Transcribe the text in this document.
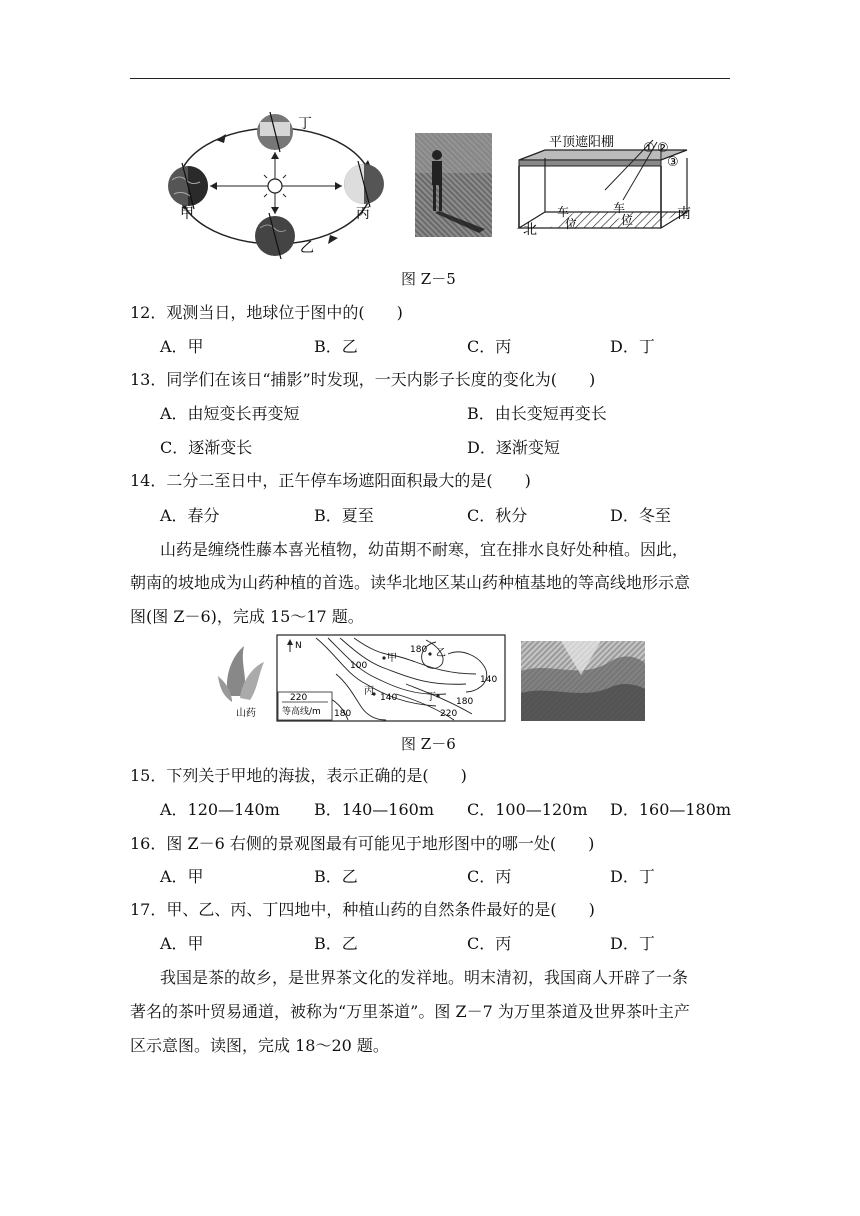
甲
乙
丙
丁
平顶遮阳棚 ① ②
③
南
北
车
位
车
位
图 Z－5
12．观测当日，地球位于图中的(　　)
A．甲	B．乙	C．丙	D．丁
13．同学们在该日“捕影”时发现，一天内影子长度的变化为(　　)
A．由短变长再变短	B．由长变短再变长
C．逐渐变长	D．逐渐变短
14．二分二至日中，正午停车场遮阳面积最大的是(　　)
A．春分	B．夏至	C．秋分	D．冬至
山药是缠绕性藤本喜光植物，幼苗期不耐寒，宜在排水良好处种植。因此，
朝南的坡地成为山药种植的首选。读华北地区某山药种植基地的等高线地形示意
图(图 Z－6)，完成 15～17 题。
山药
N
220
等高线/m
100
180
140
140	180
220
180
甲	乙
丙
丁
图 Z－6
15．下列关于甲地的海拔，表示正确的是(　　)
A．120—140m B．140—160m C．100—120m D．160—180m
16．图 Z－6 右侧的景观图最有可能见于地形图中的哪一处(　　)
A．甲	B．乙	C．丙	D．丁
17．甲、乙、丙、丁四地中，种植山药的自然条件最好的是(　　)
A．甲	B．乙	C．丙	D．丁
我国是茶的故乡，是世界茶文化的发祥地。明末清初，我国商人开辟了一条
著名的茶叶贸易通道，被称为“万里茶道”。图 Z－7 为万里茶道及世界茶叶主产
区示意图。读图，完成 18～20 题。
